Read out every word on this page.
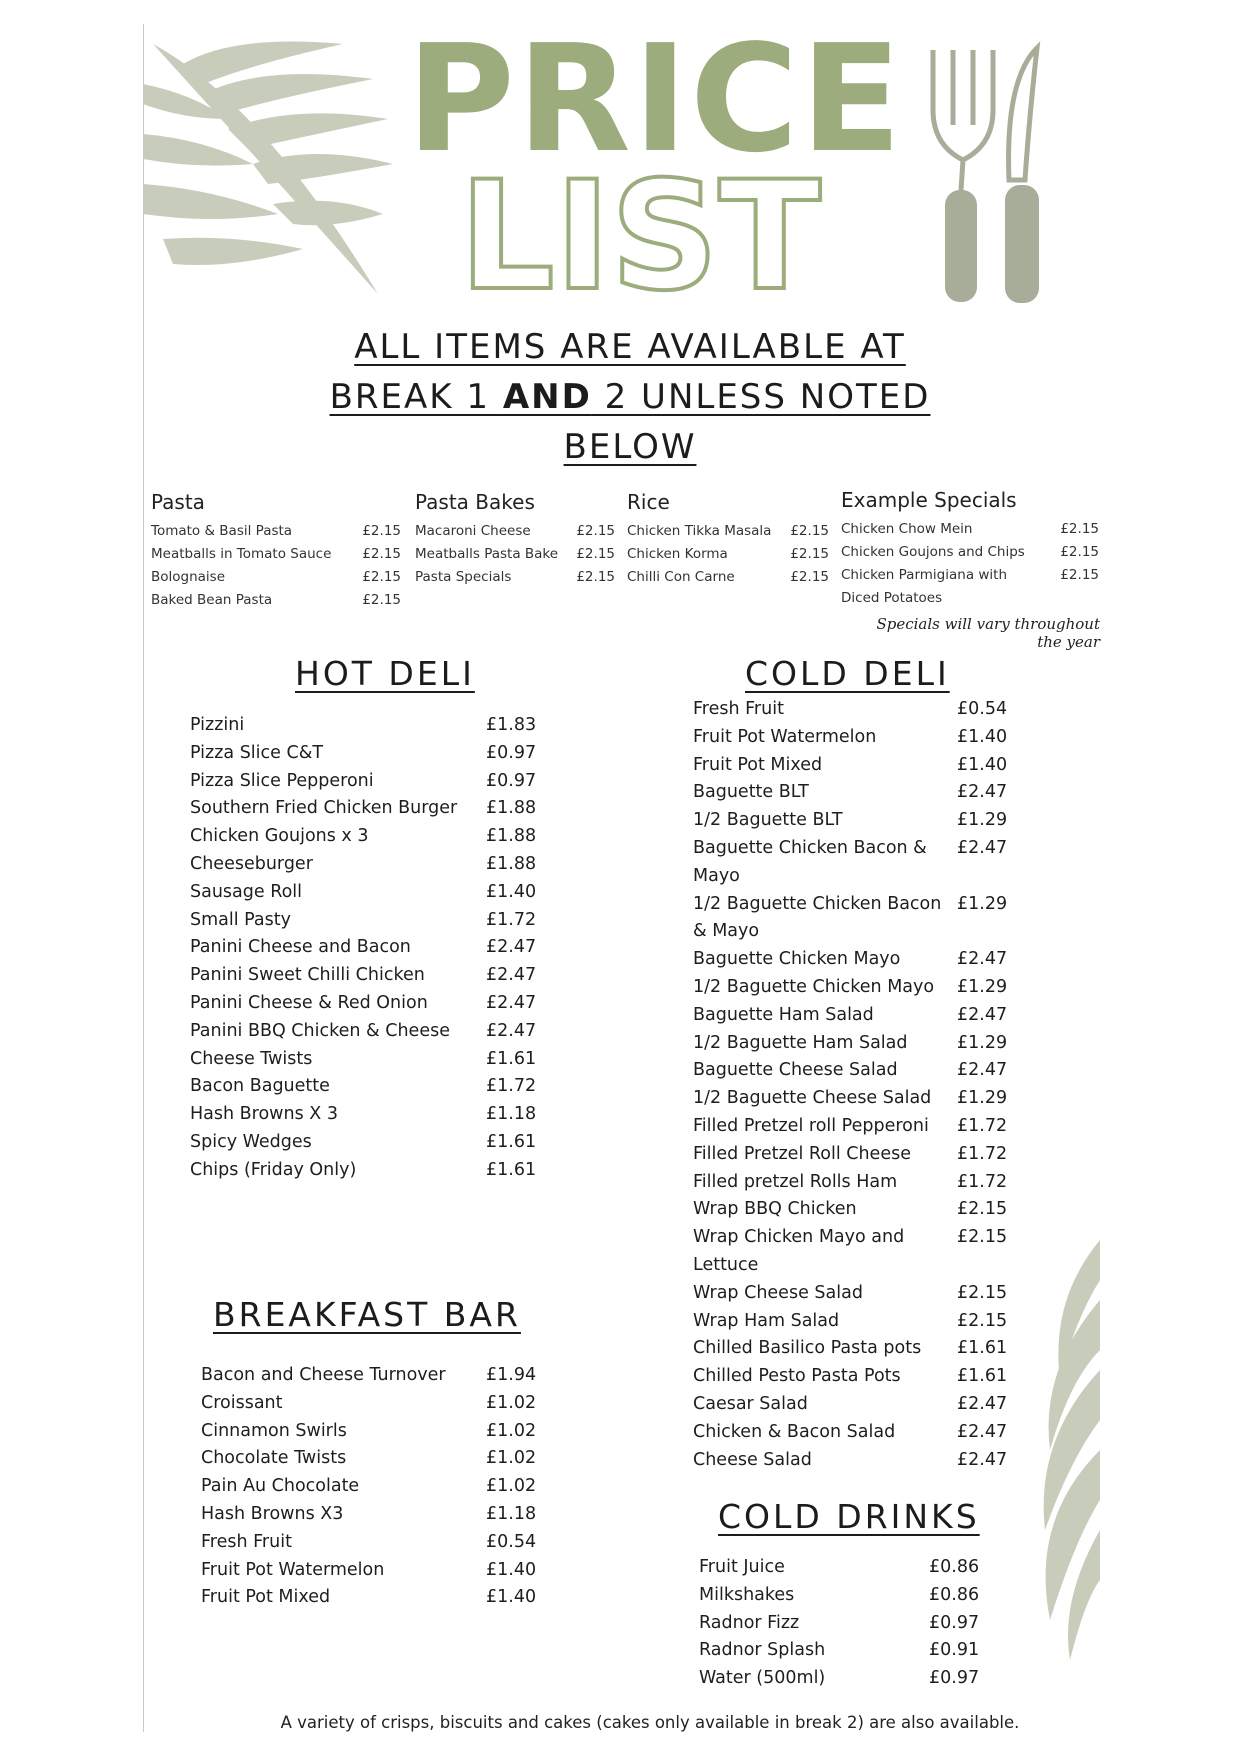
PRICE
LIST
ALL ITEMS ARE AVAILABLE AT
BREAK 1 AND 2 UNLESS NOTED
BELOW
Pasta
Tomato & Basil Pasta	£2.15
Meatballs in Tomato Sauce	£2.15
Bolognaise	£2.15
Baked Bean Pasta	£2.15
Pasta Bakes
Macaroni Cheese	£2.15
Meatballs Pasta Bake	£2.15
Pasta Specials	£2.15
Rice
Chicken Tikka Masala	£2.15
Chicken Korma	£2.15
Chilli Con Carne	£2.15
Example Specials
Chicken Chow Mein	£2.15
Chicken Goujons and Chips	£2.15
Chicken Parmigiana with	£2.15
Diced Potatoes
Specials will vary throughout the year
HOT DELI
Pizzini	£1.83
Pizza Slice C&T	£0.97
Pizza Slice Pepperoni	£0.97
Southern Fried Chicken Burger	£1.88
Chicken Goujons x 3	£1.88
Cheeseburger	£1.88
Sausage Roll	£1.40
Small Pasty	£1.72
Panini Cheese and Bacon	£2.47
Panini Sweet Chilli Chicken	£2.47
Panini Cheese & Red Onion	£2.47
Panini BBQ Chicken & Cheese	£2.47
Cheese Twists	£1.61
Bacon Baguette	£1.72
Hash Browns X 3	£1.18
Spicy Wedges	£1.61
Chips (Friday Only)	£1.61
BREAKFAST BAR
Bacon and Cheese Turnover	£1.94
Croissant	£1.02
Cinnamon Swirls	£1.02
Chocolate Twists	£1.02
Pain Au Chocolate	£1.02
Hash Browns X3	£1.18
Fresh Fruit	£0.54
Fruit Pot Watermelon	£1.40
Fruit Pot Mixed	£1.40
COLD DELI
Fresh Fruit	£0.54
Fruit Pot Watermelon	£1.40
Fruit Pot Mixed	£1.40
Baguette BLT	£2.47
1/2 Baguette BLT	£1.29
Baguette Chicken Bacon &	£2.47
Mayo
1/2 Baguette Chicken Bacon £1.29
& Mayo
Baguette Chicken Mayo	£2.47
1/2 Baguette Chicken Mayo	£1.29
Baguette Ham Salad	£2.47
1/2 Baguette Ham Salad	£1.29
Baguette Cheese Salad	£2.47
1/2 Baguette Cheese Salad	£1.29
Filled Pretzel roll Pepperoni	£1.72
Filled Pretzel Roll Cheese	£1.72
Filled pretzel Rolls Ham	£1.72
Wrap BBQ Chicken	£2.15
Wrap Chicken Mayo and	£2.15
Lettuce
Wrap Cheese Salad	£2.15
Wrap Ham Salad	£2.15
Chilled Basilico Pasta pots	£1.61
Chilled Pesto Pasta Pots	£1.61
Caesar Salad	£2.47
Chicken & Bacon Salad	£2.47
Cheese Salad	£2.47
COLD DRINKS
Fruit Juice	£0.86
Milkshakes	£0.86
Radnor Fizz	£0.97
Radnor Splash	£0.91
Water (500ml)	£0.97

A variety of crisps, biscuits and cakes (cakes only available in break 2) are also available.
